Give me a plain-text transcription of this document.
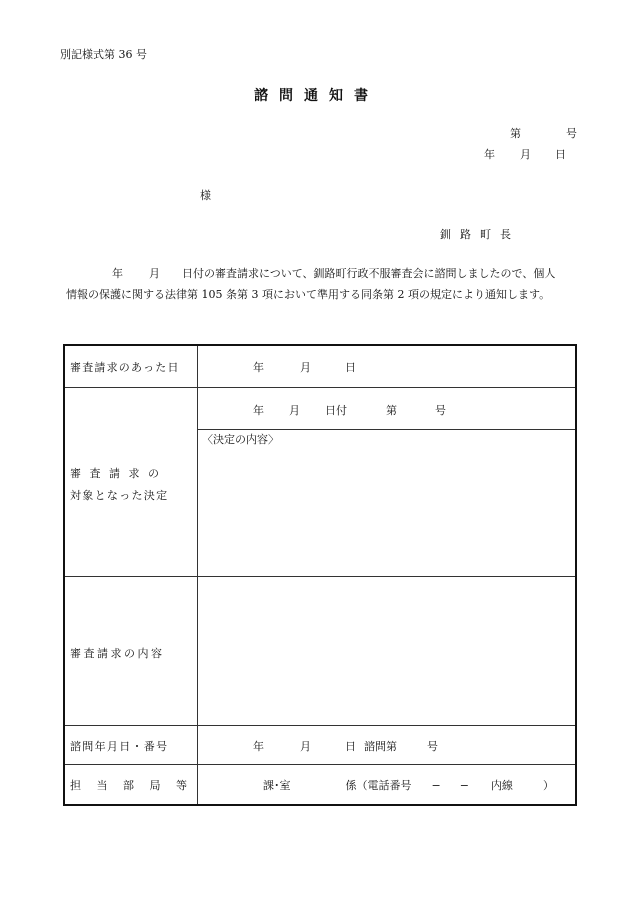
別記様式第 36 号
諮問通知書
第	号
年 月 日
様
釧路町長
年 月 日付の審査請求について、釧路町行政不服審査会に諮問しましたので、個人
情報の保護に関する法律第 105 条第 3 項において準用する同条第 2 項の規定により通知します。
審査請求のあった日	年	月	日
審 査 請 求 の
対象となった決定
年 月 日付	第	号
〈決定の内容〉
審査請求の内容
諮問年月日・番号	年	月	日 諮問第	号
担 当 部 局 等	課･室	係（電話番号 − − 内線	）
